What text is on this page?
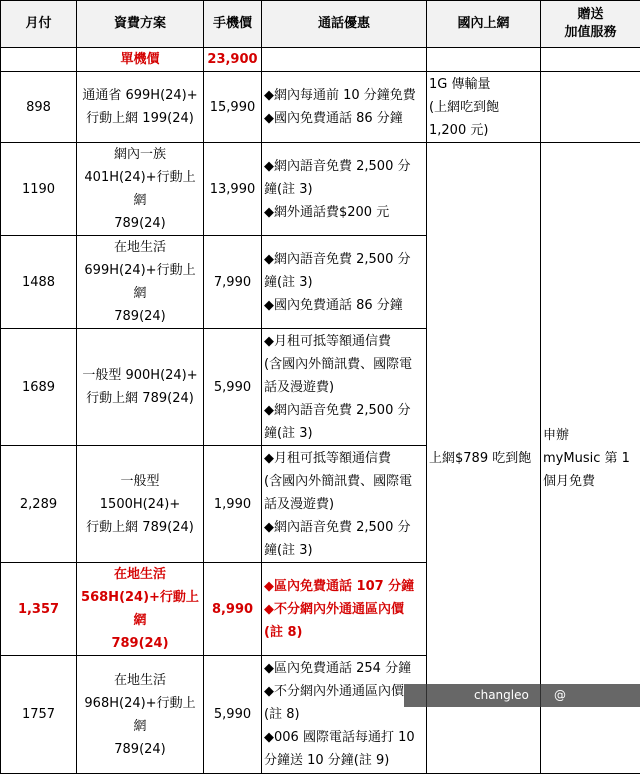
月付	資費方案	手機價	通話優惠	國內上網	贈送
加值服務

	單機價	23,900			
898	通通省 699H(24)+
行動上網 199(24)	15,990	◆網內每通前 10 分鐘免費
◆國內免費通話 86 分鐘	1G 傳輸量
(上網吃到飽
1,200 元)	

1190	網內一族
401H(24)+行動上網
789(24)	13,990	◆網內語音免費 2,500 分
鐘(註 3)
◆網外通話費$200 元	上網$789 吃到飽	申辦
myMusic 第 1
個月免費

1488	在地生活
699H(24)+行動上網
789(24)	7,990	◆網內語音免費 2,500 分
鐘(註 3)
◆國內免費通話 86 分鐘		

1689	一般型 900H(24)+
行動上網 789(24)	5,990	◆月租可抵等額通信費
(含國內外簡訊費、國際電
話及漫遊費)
◆網內語音免費 2,500 分
鐘(註 3)		

2,289	一般型 1500H(24)+
行動上網 789(24)	1,990	◆月租可抵等額通信費
(含國內外簡訊費、國際電
話及漫遊費)
◆網內語音免費 2,500 分
鐘(註 3)		

1,357	在地生活
568H(24)+行動上網
789(24)	8,990	◆區內免費通話 107 分鐘
◆不分網內外通通區內價
(註 8)		

1757	在地生活
968H(24)+行動上網
789(24)	5,990	◆區內免費通話 254 分鐘
◆不分網內外通通區內價
(註 8)
◆006 國際電話每通打 10
分鐘送 10 分鐘(註 9)		
changleo @ sogi.com.tw
